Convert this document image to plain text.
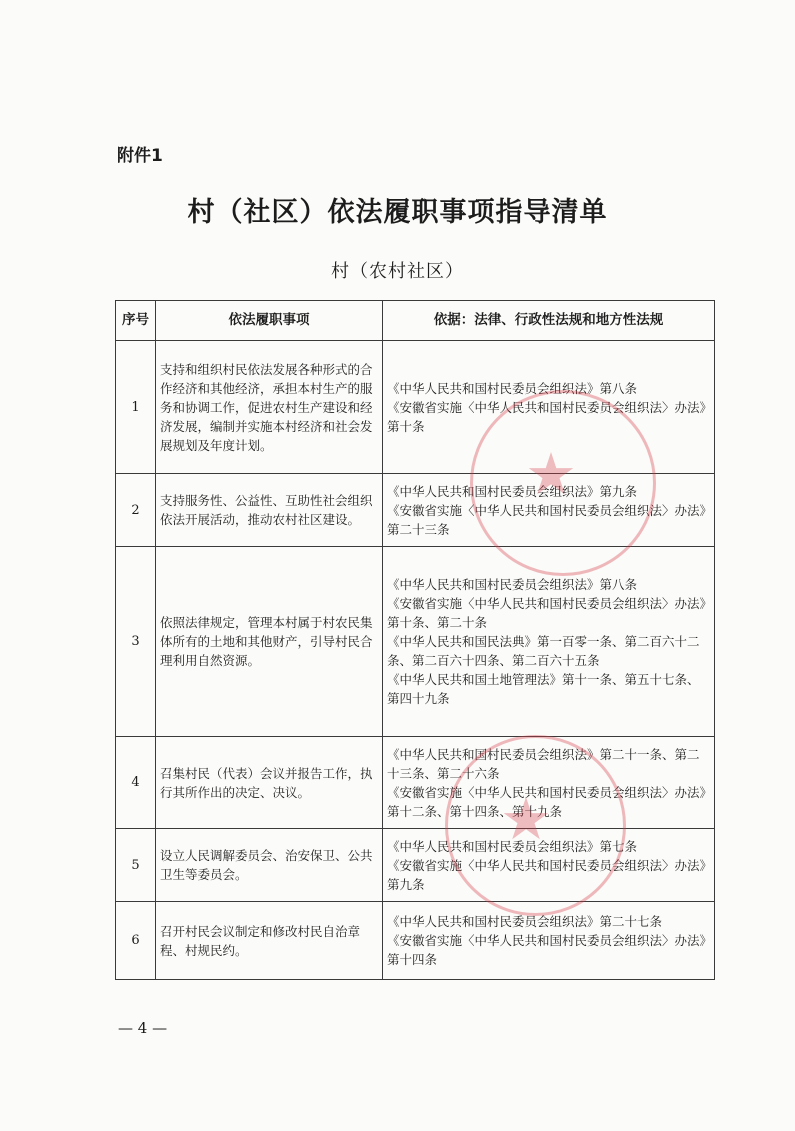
附件1
村（社区）依法履职事项指导清单
村（农村社区）
序号	依法履职事项	依据：法律、行政性法规和地方性法规
1	支持和组织村民依法发展各种形式的合作经济和其他经济，承担本村生产的服务和协调工作，促进农村生产建设和经济发展，编制并实施本村经济和社会发展规划及年度计划。	《中华人民共和国村民委员会组织法》第八条
《安徽省实施〈中华人民共和国村民委员会组织法〉办法》第十条

2	支持服务性、公益性、互助性社会组织依法开展活动，推动农村社区建设。	《中华人民共和国村民委员会组织法》第九条
《安徽省实施〈中华人民共和国村民委员会组织法〉办法》第二十三条

3	依照法律规定，管理本村属于村农民集体所有的土地和其他财产，引导村民合理利用自然资源。	《中华人民共和国村民委员会组织法》第八条
《安徽省实施〈中华人民共和国村民委员会组织法〉办法》第十条、第二十条
《中华人民共和国民法典》第一百零一条、第二百六十二条、第二百六十四条、第二百六十五条
《中华人民共和国土地管理法》第十一条、第五十七条、第四十九条

4	召集村民（代表）会议并报告工作，执行其所作出的决定、决议。	《中华人民共和国村民委员会组织法》第二十一条、第二十三条、第二十六条
《安徽省实施〈中华人民共和国村民委员会组织法〉办法》第十二条、第十四条、第十九条

5	设立人民调解委员会、治安保卫、公共卫生等委员会。	《中华人民共和国村民委员会组织法》第七条
《安徽省实施〈中华人民共和国村民委员会组织法〉办法》第九条

6	召开村民会议制定和修改村民自治章程、村规民约。	《中华人民共和国村民委员会组织法》第二十七条
《安徽省实施〈中华人民共和国村民委员会组织法〉办法》第十四条
★
★
— 4 —
